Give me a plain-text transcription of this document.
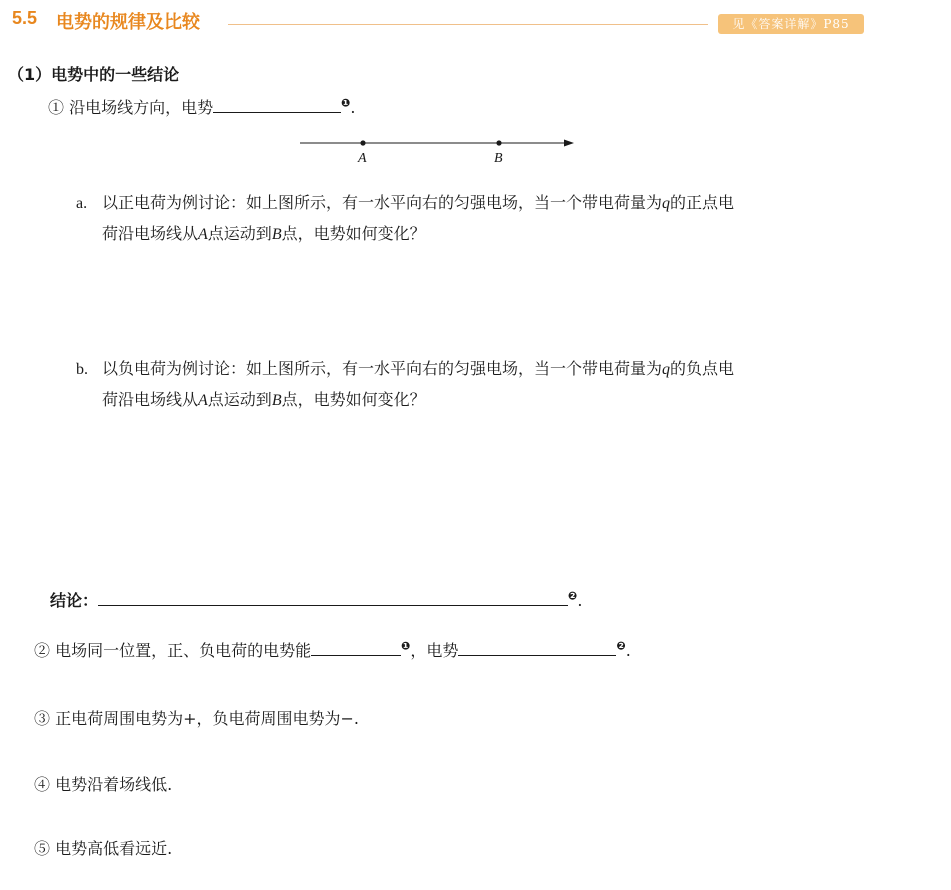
5.5 电势的规律及比较	见《答案详解》P85
（1）电势中的一些结论
① 沿电场线方向，电势	$^❶$.
A	B
a. 以正电荷为例讨论：如上图所示，有一水平向右的匀强电场，当一个带电荷量为q的正点电
荷沿电场线从A点运动到B点，电势如何变化？
b. 以负电荷为例讨论：如上图所示，有一水平向右的匀强电场，当一个带电荷量为q的负点电
荷沿电场线从A点运动到B点，电势如何变化？
结论：	$^❷$.
② 电场同一位置，正、负电荷的电势能	$^❶$，电势	$^❷$.
③ 正电荷周围电势为+，负电荷周围电势为−.
④ 电势沿着场线低.
⑤ 电势高低看远近.
